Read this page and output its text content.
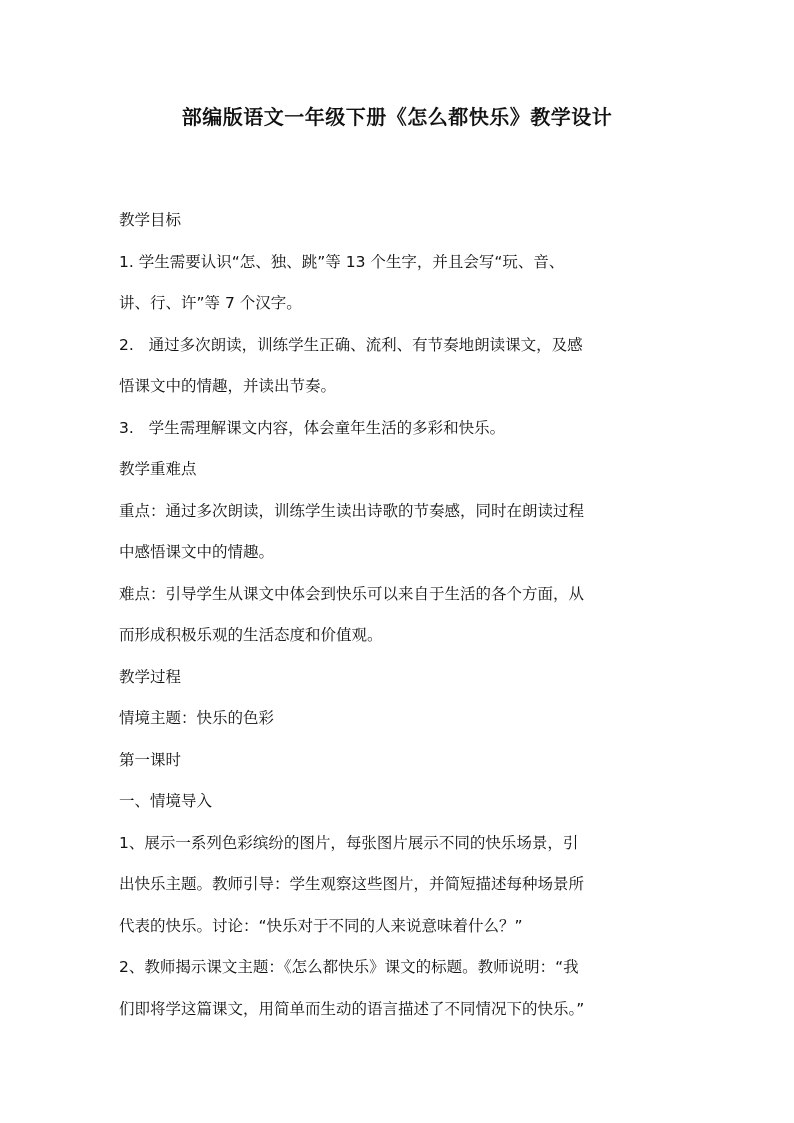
部编版语文一年级下册《怎么都快乐》教学设计

教学目标

1. 学生需要认识“怎、独、跳”等 13 个生字，并且会写“玩、音、

讲、行、许”等 7 个汉字。

2.   通过多次朗读，训练学生正确、流利、有节奏地朗读课文，及感

悟课文中的情趣，并读出节奏。

3.   学生需理解课文内容，体会童年生活的多彩和快乐。

教学重难点

重点：通过多次朗读，训练学生读出诗歌的节奏感，同时在朗读过程

中感悟课文中的情趣。

难点：引导学生从课文中体会到快乐可以来自于生活的各个方面，从

而形成积极乐观的生活态度和价值观。

教学过程

情境主题：快乐的色彩

第一课时

一、情境导入

1、展示一系列色彩缤纷的图片，每张图片展示不同的快乐场景，引

出快乐主题。教师引导：学生观察这些图片，并简短描述每种场景所

代表的快乐。讨论：“快乐对于不同的人来说意味着什么？”

2、教师揭示课文主题：《怎么都快乐》课文的标题。教师说明：“我

们即将学这篇课文，用简单而生动的语言描述了不同情况下的快乐。”
